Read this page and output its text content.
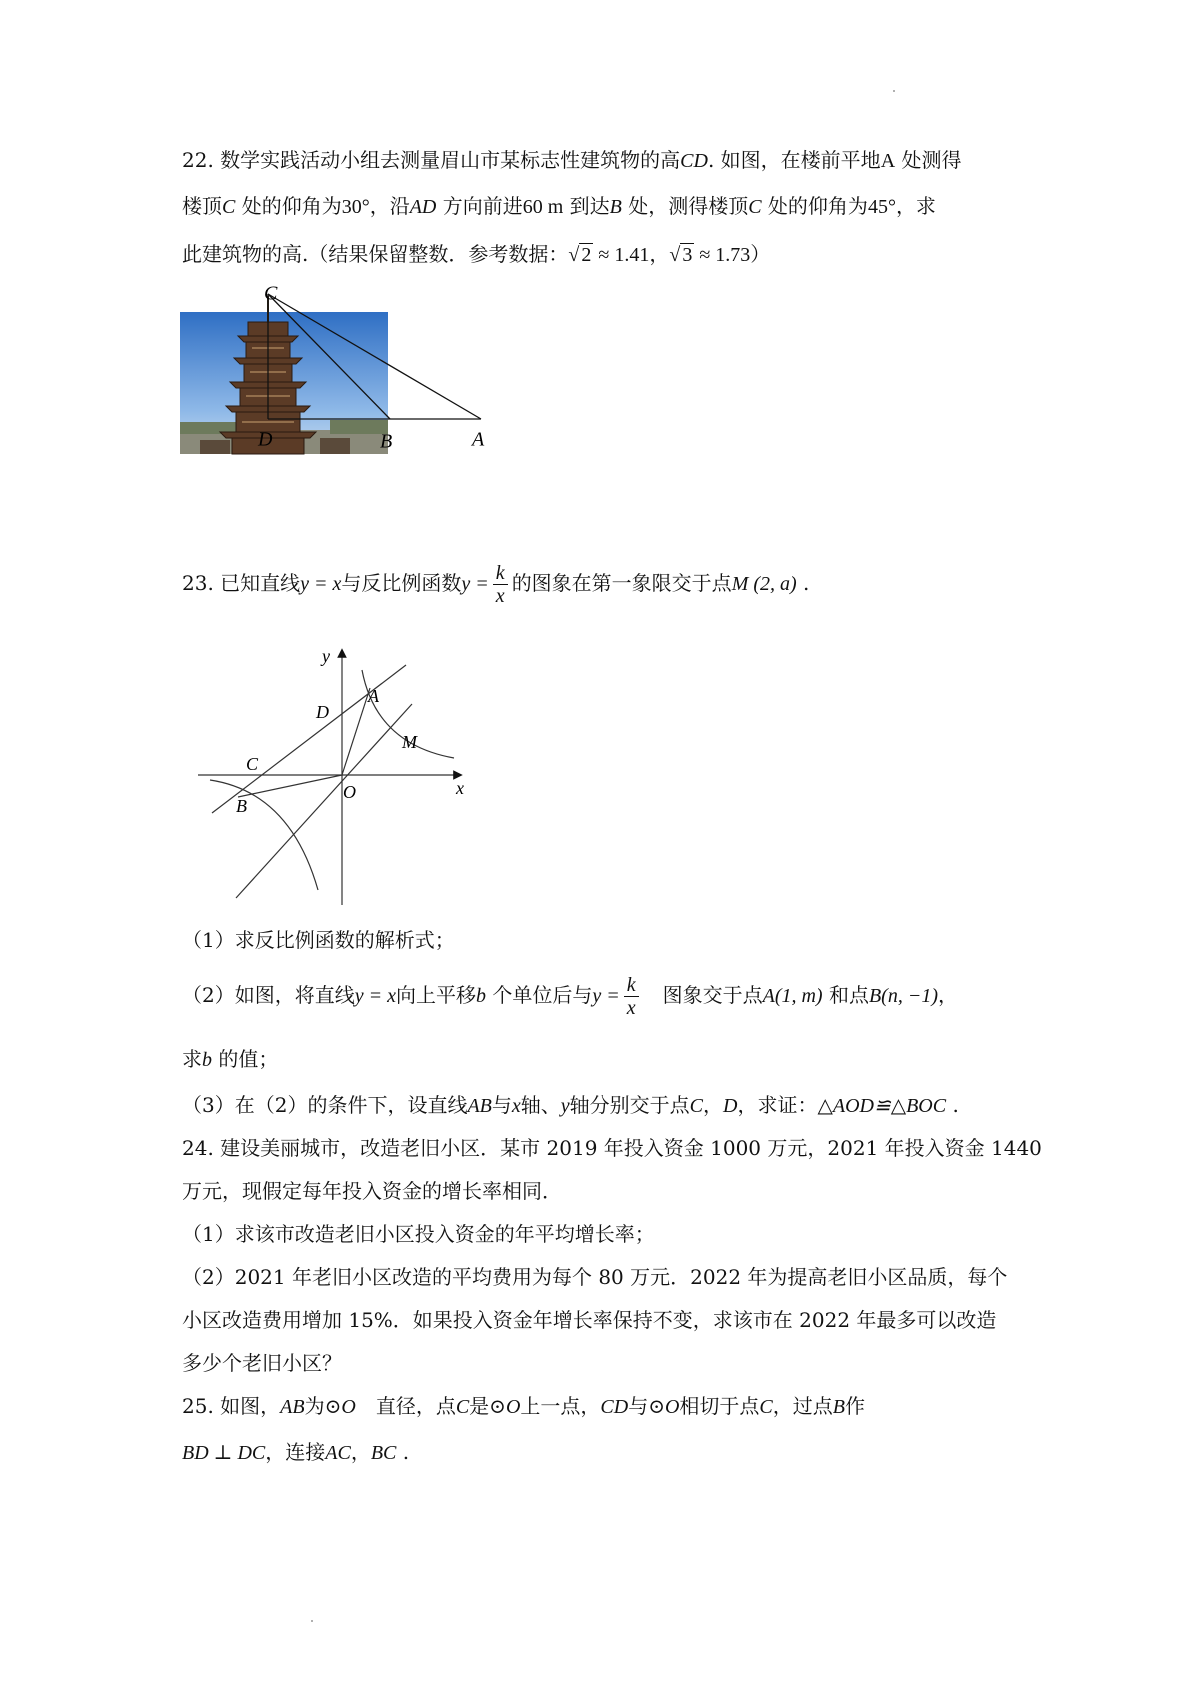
22. 数学实践活动小组去测量眉山市某标志性建筑物的高CD. 如图，在楼前平地A 处测得
楼顶C 处的仰角为30°，沿AD 方向前进60 m 到达B 处，测得楼顶C 处的仰角为45°，求
此建筑物的高.（结果保留整数．参考数据：√ 2 ≈ 1.41，√ 3 ≈ 1.73）
C
D	B	A
23. 已知直线y = x与反比例函数$y = \frac{k}{x}$ 的图象在第一象限交于点M (2, a) .
y
x
O
A
D
M
C
B
（1）求反比例函数的解析式；
（2）如图，将直线y = x向上平移b 个单位后与$y = \frac{k}{x}$
　 图象交于点A(1, m) 和点B(n, −1)，
求b 的值；
（3）在（2）的条件下，设直线AB与x轴、y轴分别交于点C，D，求证：△AOD≌△BOC .
24. 建设美丽城市，改造老旧小区．某市 2019 年投入资金 1000 万元，2021 年投入资金 1440
万元，现假定每年投入资金的增长率相同．
（1）求该市改造老旧小区投入资金的年平均增长率；
（2）2021 年老旧小区改造的平均费用为每个 80 万元．2022 年为提高老旧小区品质，每个
小区改造费用增加 15%．如果投入资金年增长率保持不变，求该市在 2022 年最多可以改造
多少个老旧小区？
25. 如图，AB为⊙O　直径，点C是⊙O上一点，CD与⊙O相切于点C，过点B作
BD ⊥ DC，连接AC，BC .
